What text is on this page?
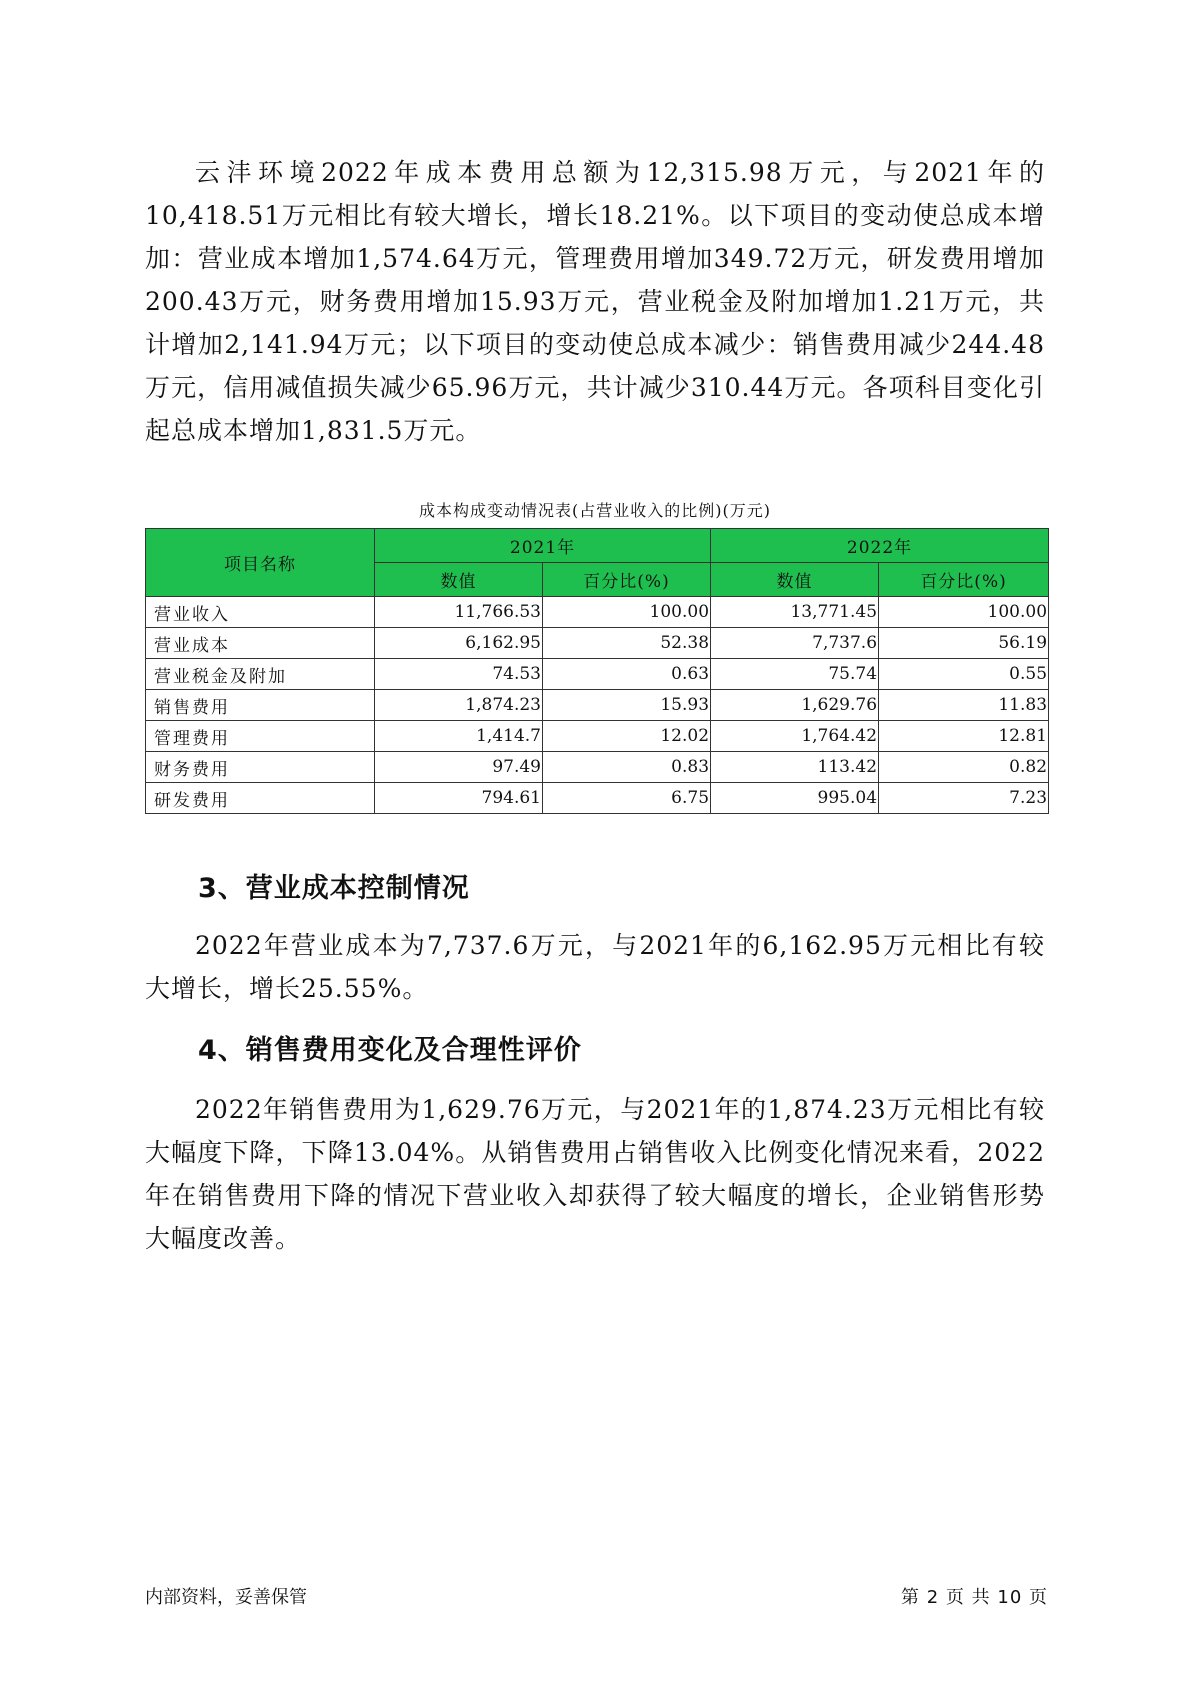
云沣环境2022年成本费用总额为12,315.98万元，与2021年的10,418.51万元相比有较大增长，增长18.21%。以下项目的变动使总成本增加：营业成本增加1,574.64万元，管理费用增加349.72万元，研发费用增加200.43万元，财务费用增加15.93万元，营业税金及附加增加1.21万元，共计增加2,141.94万元；以下项目的变动使总成本减少：销售费用减少244.48万元，信用减值损失减少65.96万元，共计减少310.44万元。各项科目变化引起总成本增加1,831.5万元。

成本构成变动情况表(占营业收入的比例)(万元)

项目名称	2021年		2022年	
	数值	百分比(%)	数值	百分比(%)
营业收入	11,766.53	100.00	13,771.45	100.00
营业成本	6,162.95	52.38	7,737.6	56.19
营业税金及附加	74.53	0.63	75.74	0.55
销售费用	1,874.23	15.93	1,629.76	11.83
管理费用	1,414.7	12.02	1,764.42	12.81
财务费用	97.49	0.83	113.42	0.82
研发费用	794.61	6.75	995.04	7.23
3、营业成本控制情况

2022年营业成本为7,737.6万元，与2021年的6,162.95万元相比有较大增长，增长25.55%。

4、销售费用变化及合理性评价

2022年销售费用为1,629.76万元，与2021年的1,874.23万元相比有较大幅度下降，下降13.04%。从销售费用占销售收入比例变化情况来看，2022年在销售费用下降的情况下营业收入却获得了较大幅度的增长，企业销售形势大幅度改善。

内部资料，妥善保管	第 2 页 共 10 页
